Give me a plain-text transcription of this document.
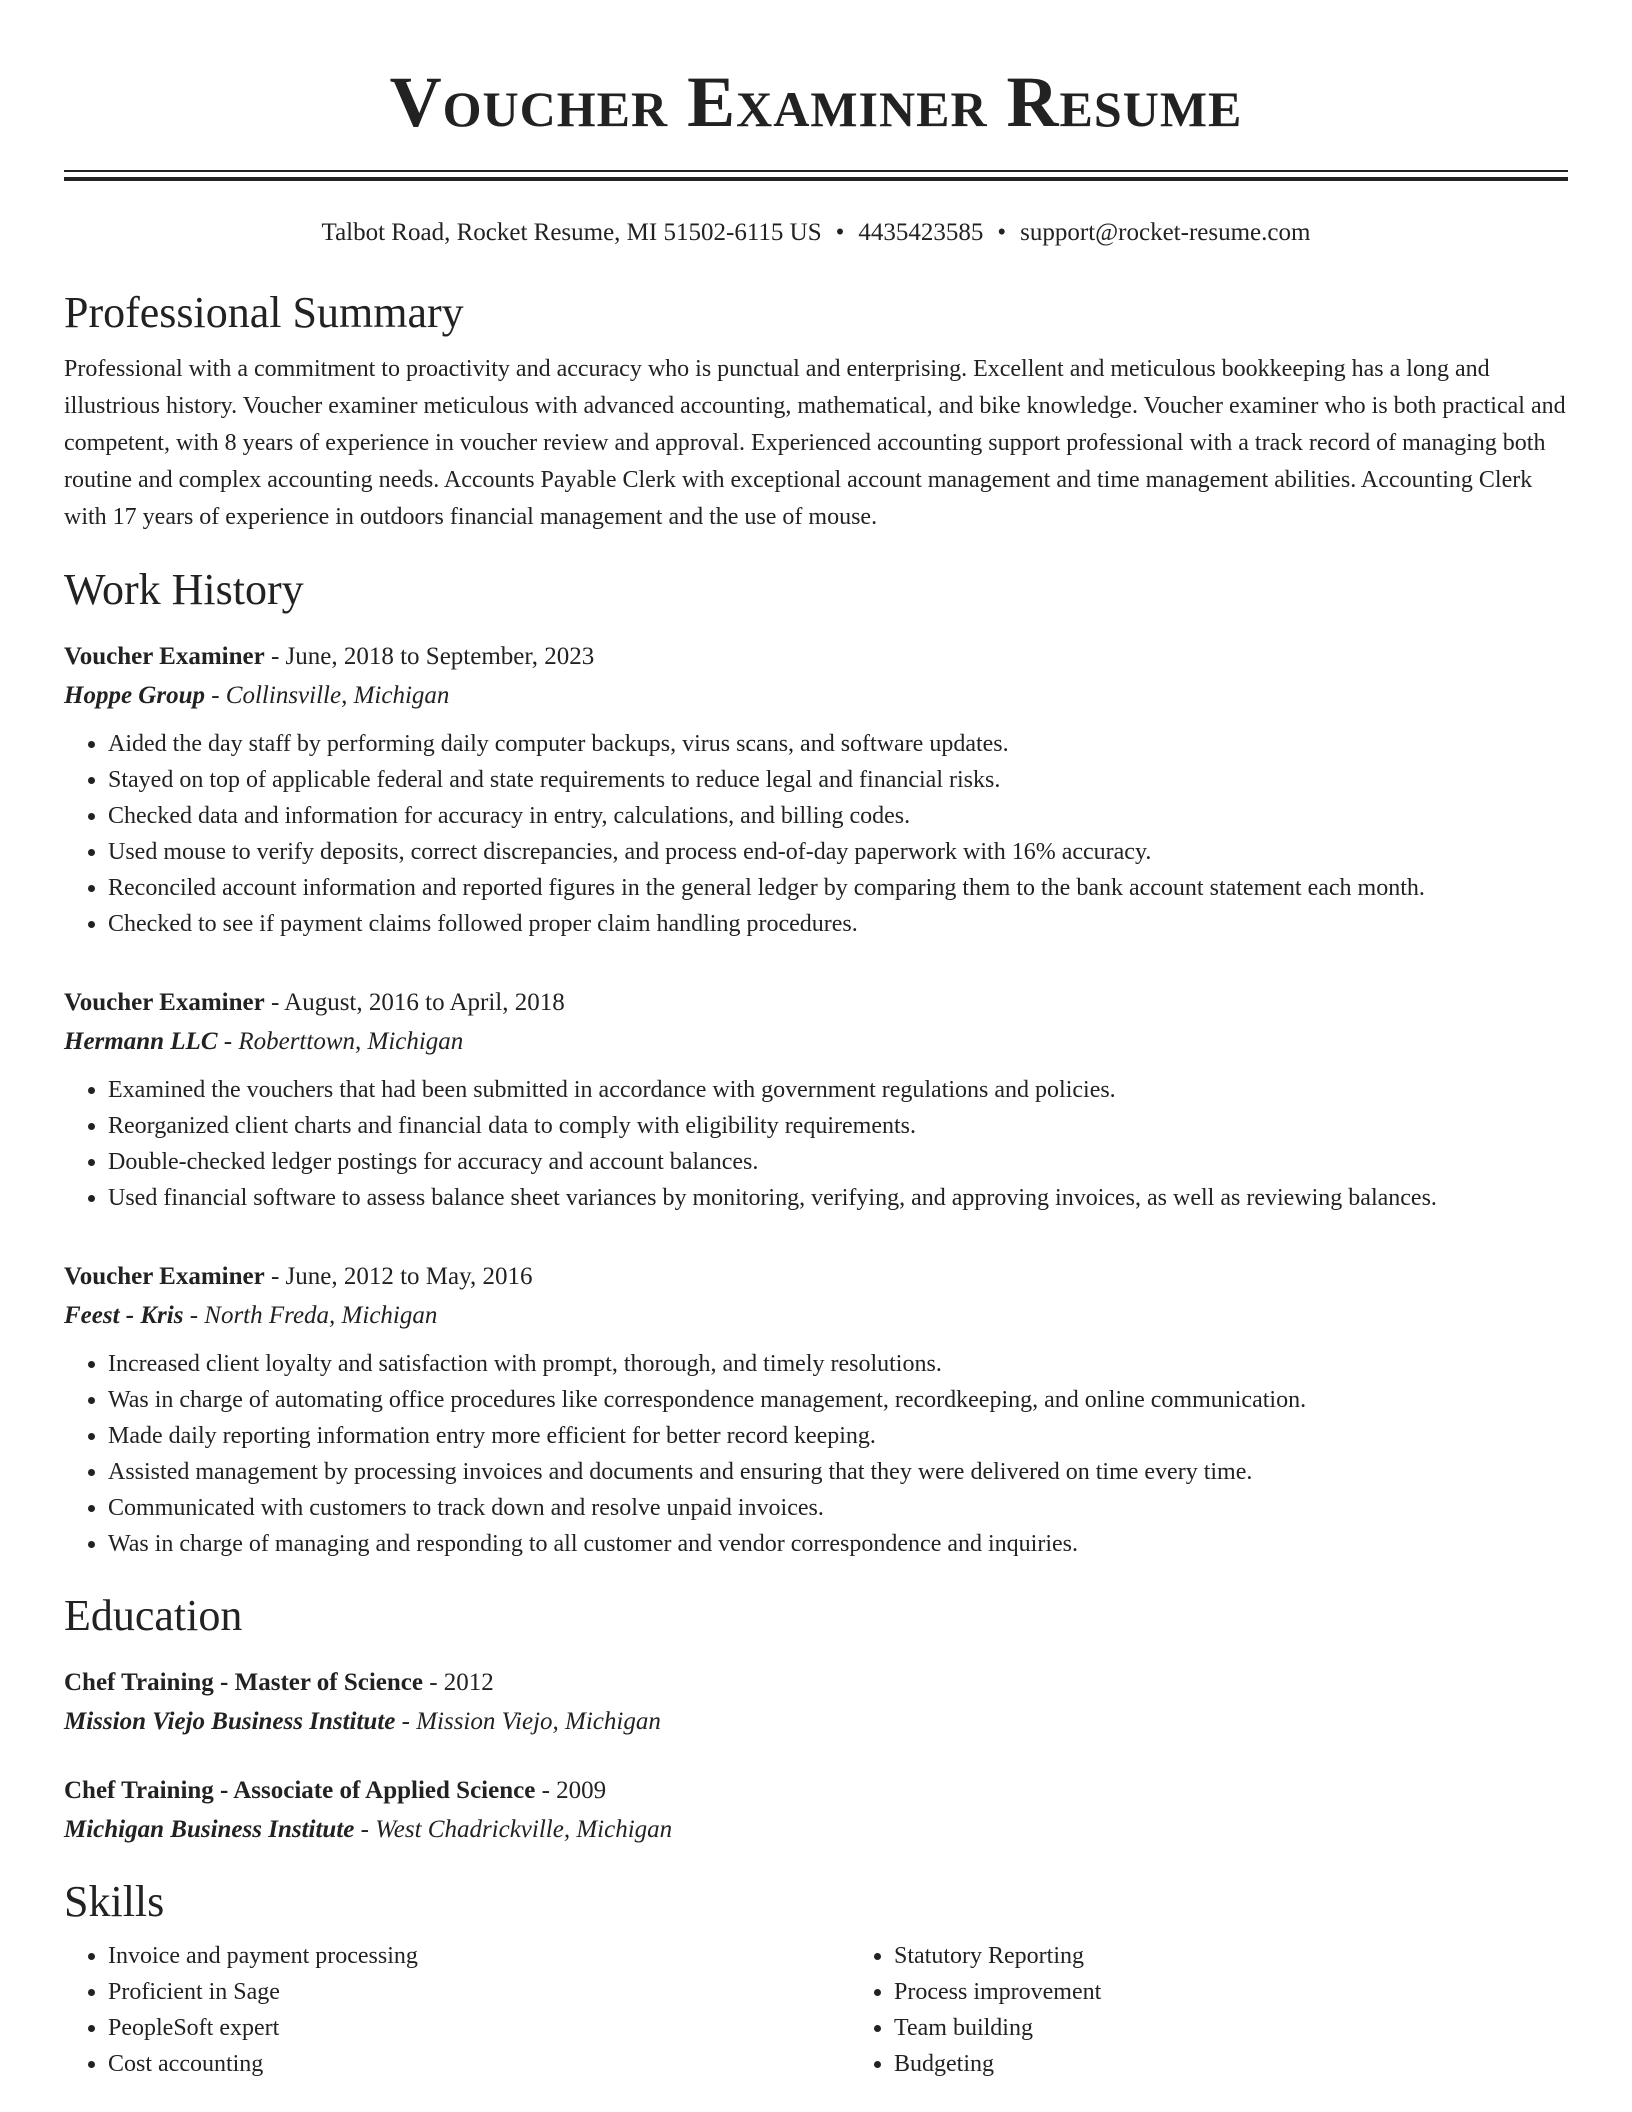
Voucher Examiner Resume
Talbot Road, Rocket Resume, MI 51502-6115 US • 4435423585 • support@rocket-resume.com
Professional Summary

Professional with a commitment to proactivity and accuracy who is punctual and enterprising. Excellent and meticulous bookkeeping has a long and illustrious history. Voucher examiner meticulous with advanced accounting, mathematical, and bike knowledge. Voucher examiner who is both practical and competent, with 8 years of experience in voucher review and approval. Experienced accounting support professional with a track record of managing both routine and complex accounting needs. Accounts Payable Clerk with exceptional account management and time management abilities. Accounting Clerk with 17 years of experience in outdoors financial management and the use of mouse.

Work History
Voucher Examiner - June, 2018 to September, 2023
Hoppe Group - Collinsville, Michigan
• Aided the day staff by performing daily computer backups, virus scans, and software updates.
• Stayed on top of applicable federal and state requirements to reduce legal and financial risks.
• Checked data and information for accuracy in entry, calculations, and billing codes.
• Used mouse to verify deposits, correct discrepancies, and process end-of-day paperwork with 16% accuracy.
• Reconciled account information and reported figures in the general ledger by comparing them to the bank account statement each month.
• Checked to see if payment claims followed proper claim handling procedures.
Voucher Examiner - August, 2016 to April, 2018
Hermann LLC - Roberttown, Michigan
• Examined the vouchers that had been submitted in accordance with government regulations and policies.
• Reorganized client charts and financial data to comply with eligibility requirements.
• Double-checked ledger postings for accuracy and account balances.
• Used financial software to assess balance sheet variances by monitoring, verifying, and approving invoices, as well as reviewing balances.
Voucher Examiner - June, 2012 to May, 2016
Feest - Kris - North Freda, Michigan
• Increased client loyalty and satisfaction with prompt, thorough, and timely resolutions.
• Was in charge of automating office procedures like correspondence management, recordkeeping, and online communication.
• Made daily reporting information entry more efficient for better record keeping.
• Assisted management by processing invoices and documents and ensuring that they were delivered on time every time.
• Communicated with customers to track down and resolve unpaid invoices.
• Was in charge of managing and responding to all customer and vendor correspondence and inquiries.
Education
Chef Training - Master of Science - 2012
Mission Viejo Business Institute - Mission Viejo, Michigan
Chef Training - Associate of Applied Science - 2009
Michigan Business Institute - West Chadrickville, Michigan
Skills
• Invoice and payment processing
• Proficient in Sage
• PeopleSoft expert
• Cost accounting
• Statutory Reporting
• Process improvement
• Team building
• Budgeting
